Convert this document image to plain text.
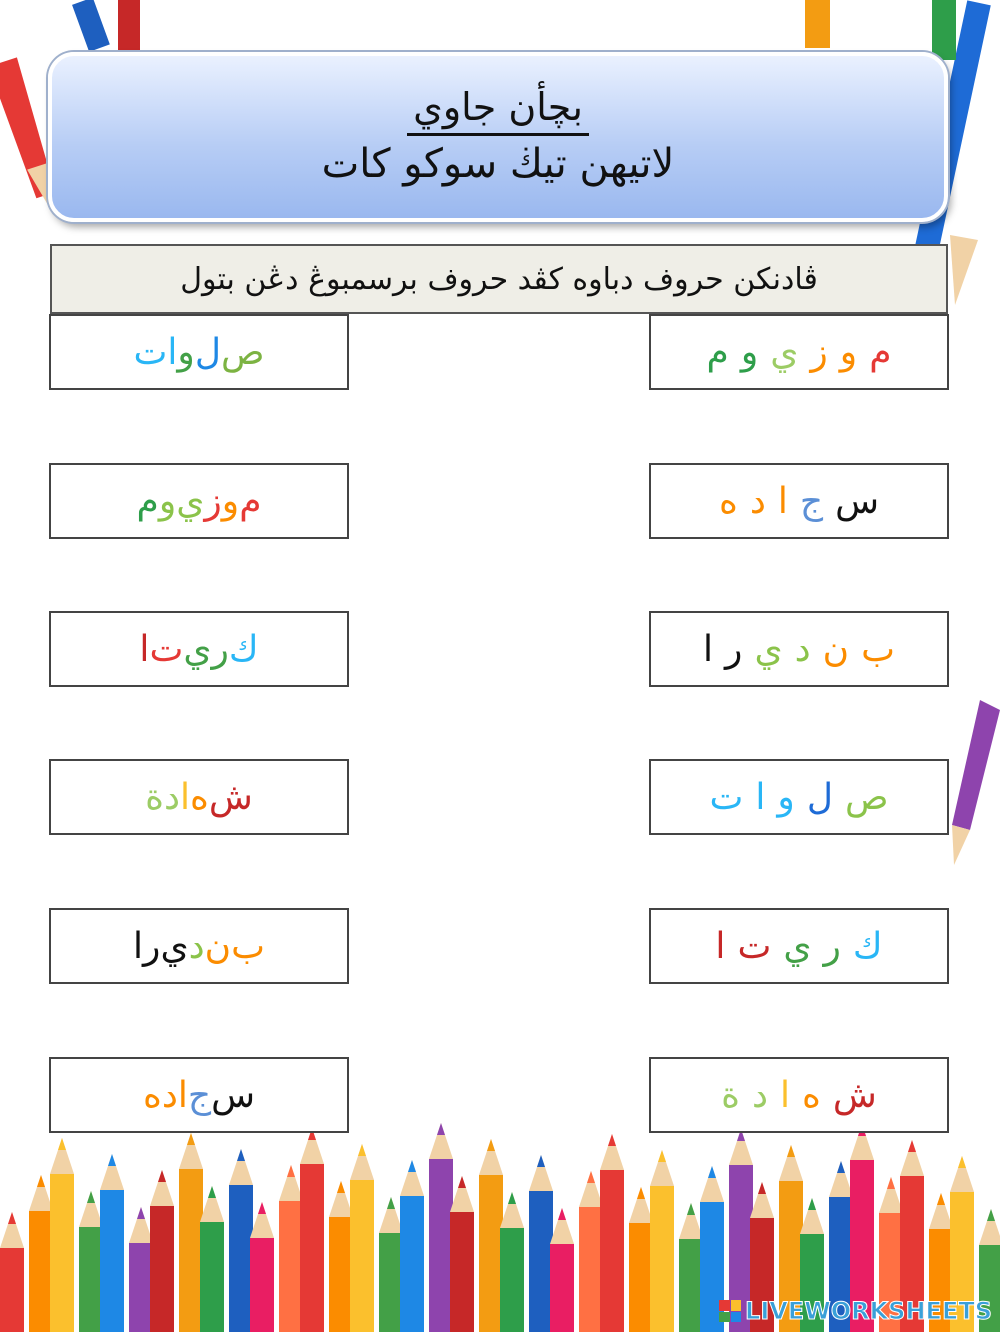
بچأن جاوي
لاتيهن تيڬ سوكو كات
ڤادنکن حروف دباوه کڤد حروف برسمبوڠ دڠن بتول
ص
ل
و
ا
ت
م
و
ز
ي
و
م
ك
ر
ي
ت
ا
ش
ه
ا
د
ة
ب
ن
د
ي
ر
ا
س
ج
ا
د
ه
م
و
ز
ي
و
م
س
ج
ا
د
ه
ب
ن
د
ي
ر
ا
ص
ل
و
ا
ت
ك
ر
ي
ت
ا
ش
ه
ا
د
ة
LIVEWORKSHEETS
